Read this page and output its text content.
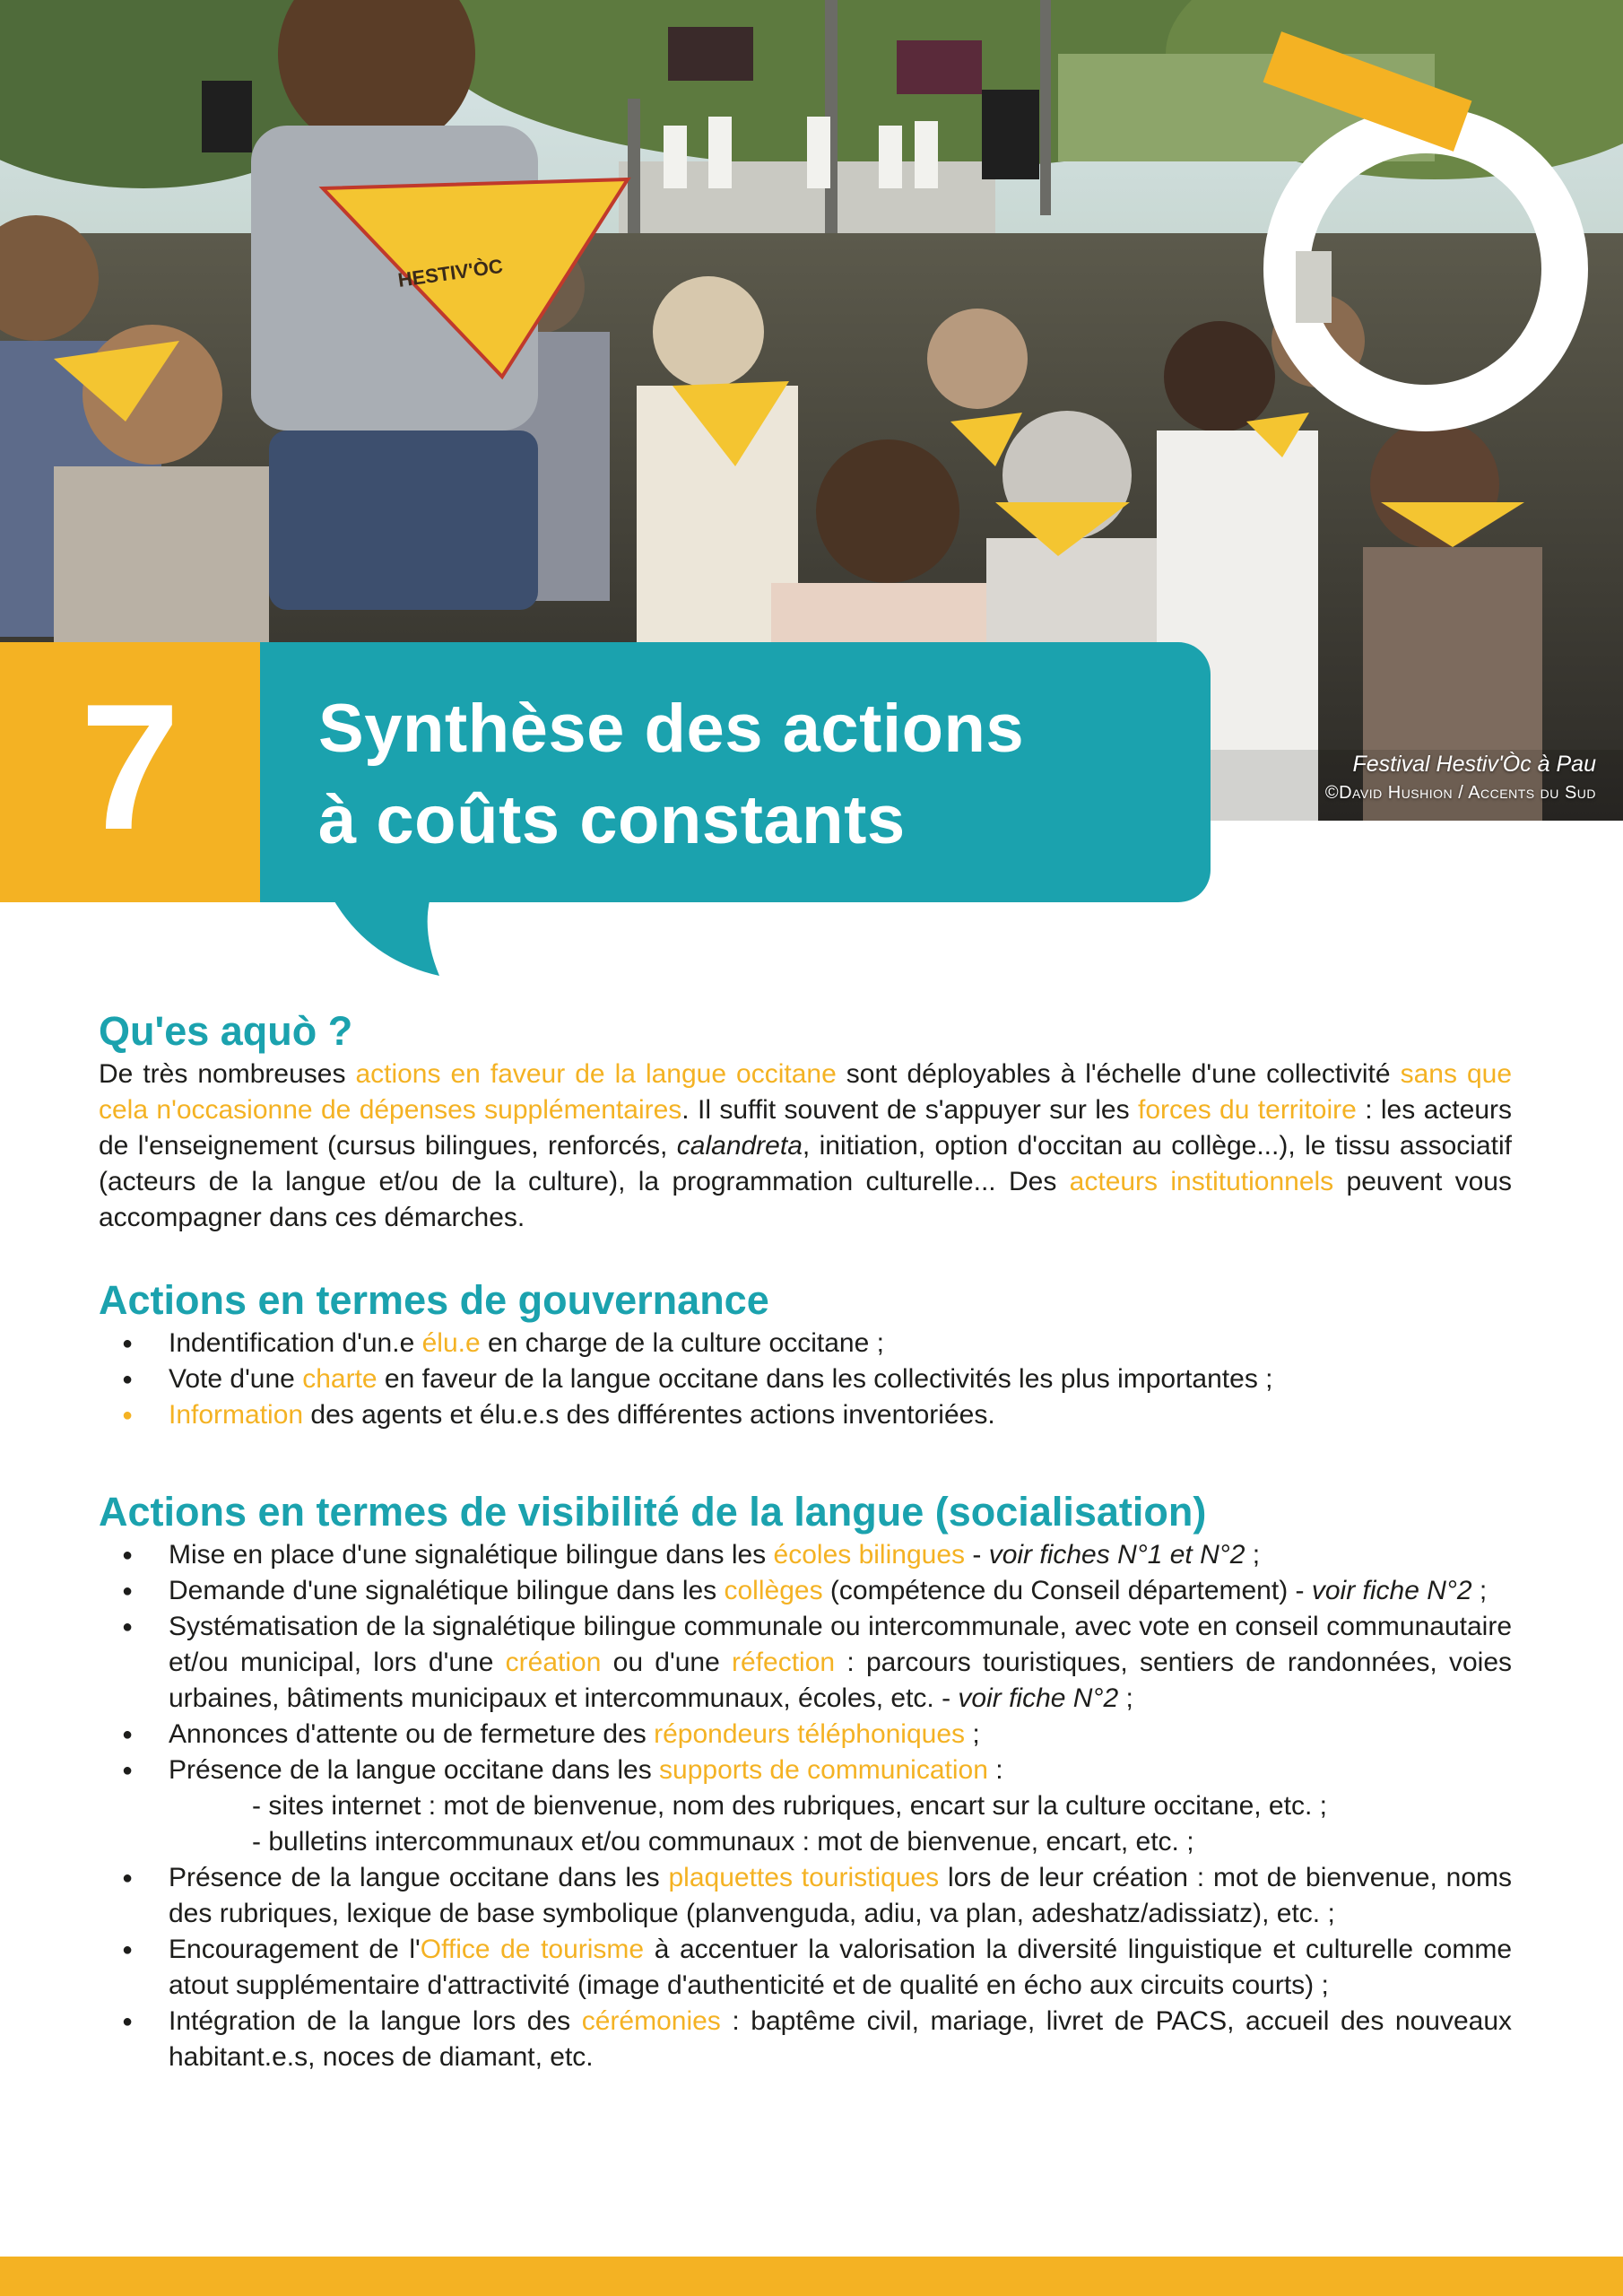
HESTIV'ÒC
Festival Hestiv'Òc à Pau
©David Hushion / Accents du Sud
7	Synthèse des actions
à coûts constants
Qu'es aquò ?

De très nombreuses actions en faveur de la langue occitane sont déployables à l'échelle d'une collectivité sans que cela n'occasionne de dépenses supplémentaires. Il suffit souvent de s'appuyer sur les forces du territoire : les acteurs de l'enseignement (cursus bilingues, renforcés, calandreta, initiation, option d'occitan au collège...), le tissu associatif (acteurs de la langue et/ou de la culture), la programmation culturelle... Des acteurs institutionnels peuvent vous accompagner dans ces démarches.

Actions en termes de gouvernance
● Indentification d'un.e élu.e en charge de la culture occitane ;
● Vote d'une charte en faveur de la langue occitane dans les collectivités les plus importantes ;
● Information des agents et élu.e.s des différentes actions inventoriées.
Actions en termes de visibilité de la langue (socialisation)
● Mise en place d'une signalétique bilingue dans les écoles bilingues - voir fiches N°1 et N°2 ;
● Demande d'une signalétique bilingue dans les collèges (compétence du Conseil département) - voir fiche N°2 ;
● Systématisation de la signalétique bilingue communale ou intercommunale, avec vote en conseil communautaire et/ou municipal, lors d'une création ou d'une réfection : parcours touristiques, sentiers de randonnées, voies urbaines, bâtiments municipaux et intercommunaux, écoles, etc. - voir fiche N°2 ;
● Annonces d'attente ou de fermeture des répondeurs téléphoniques ;
● Présence de la langue occitane dans les supports de communication :
- sites internet : mot de bienvenue, nom des rubriques, encart sur la culture occitane, etc. ;
- bulletins intercommunaux et/ou communaux : mot de bienvenue, encart, etc. ;
● Présence de la langue occitane dans les plaquettes touristiques lors de leur création : mot de bienvenue, noms des rubriques, lexique de base symbolique (planvenguda, adiu, va plan, adeshatz/adissiatz), etc. ;
● Encouragement de l'Office de tourisme à accentuer la valorisation la diversité linguistique et culturelle comme atout supplémentaire d'attractivité (image d'authenticité et de qualité en écho aux circuits courts) ;
● Intégration de la langue lors des cérémonies : baptême civil, mariage, livret de PACS, accueil des nouveaux habitant.e.s, noces de diamant, etc.
